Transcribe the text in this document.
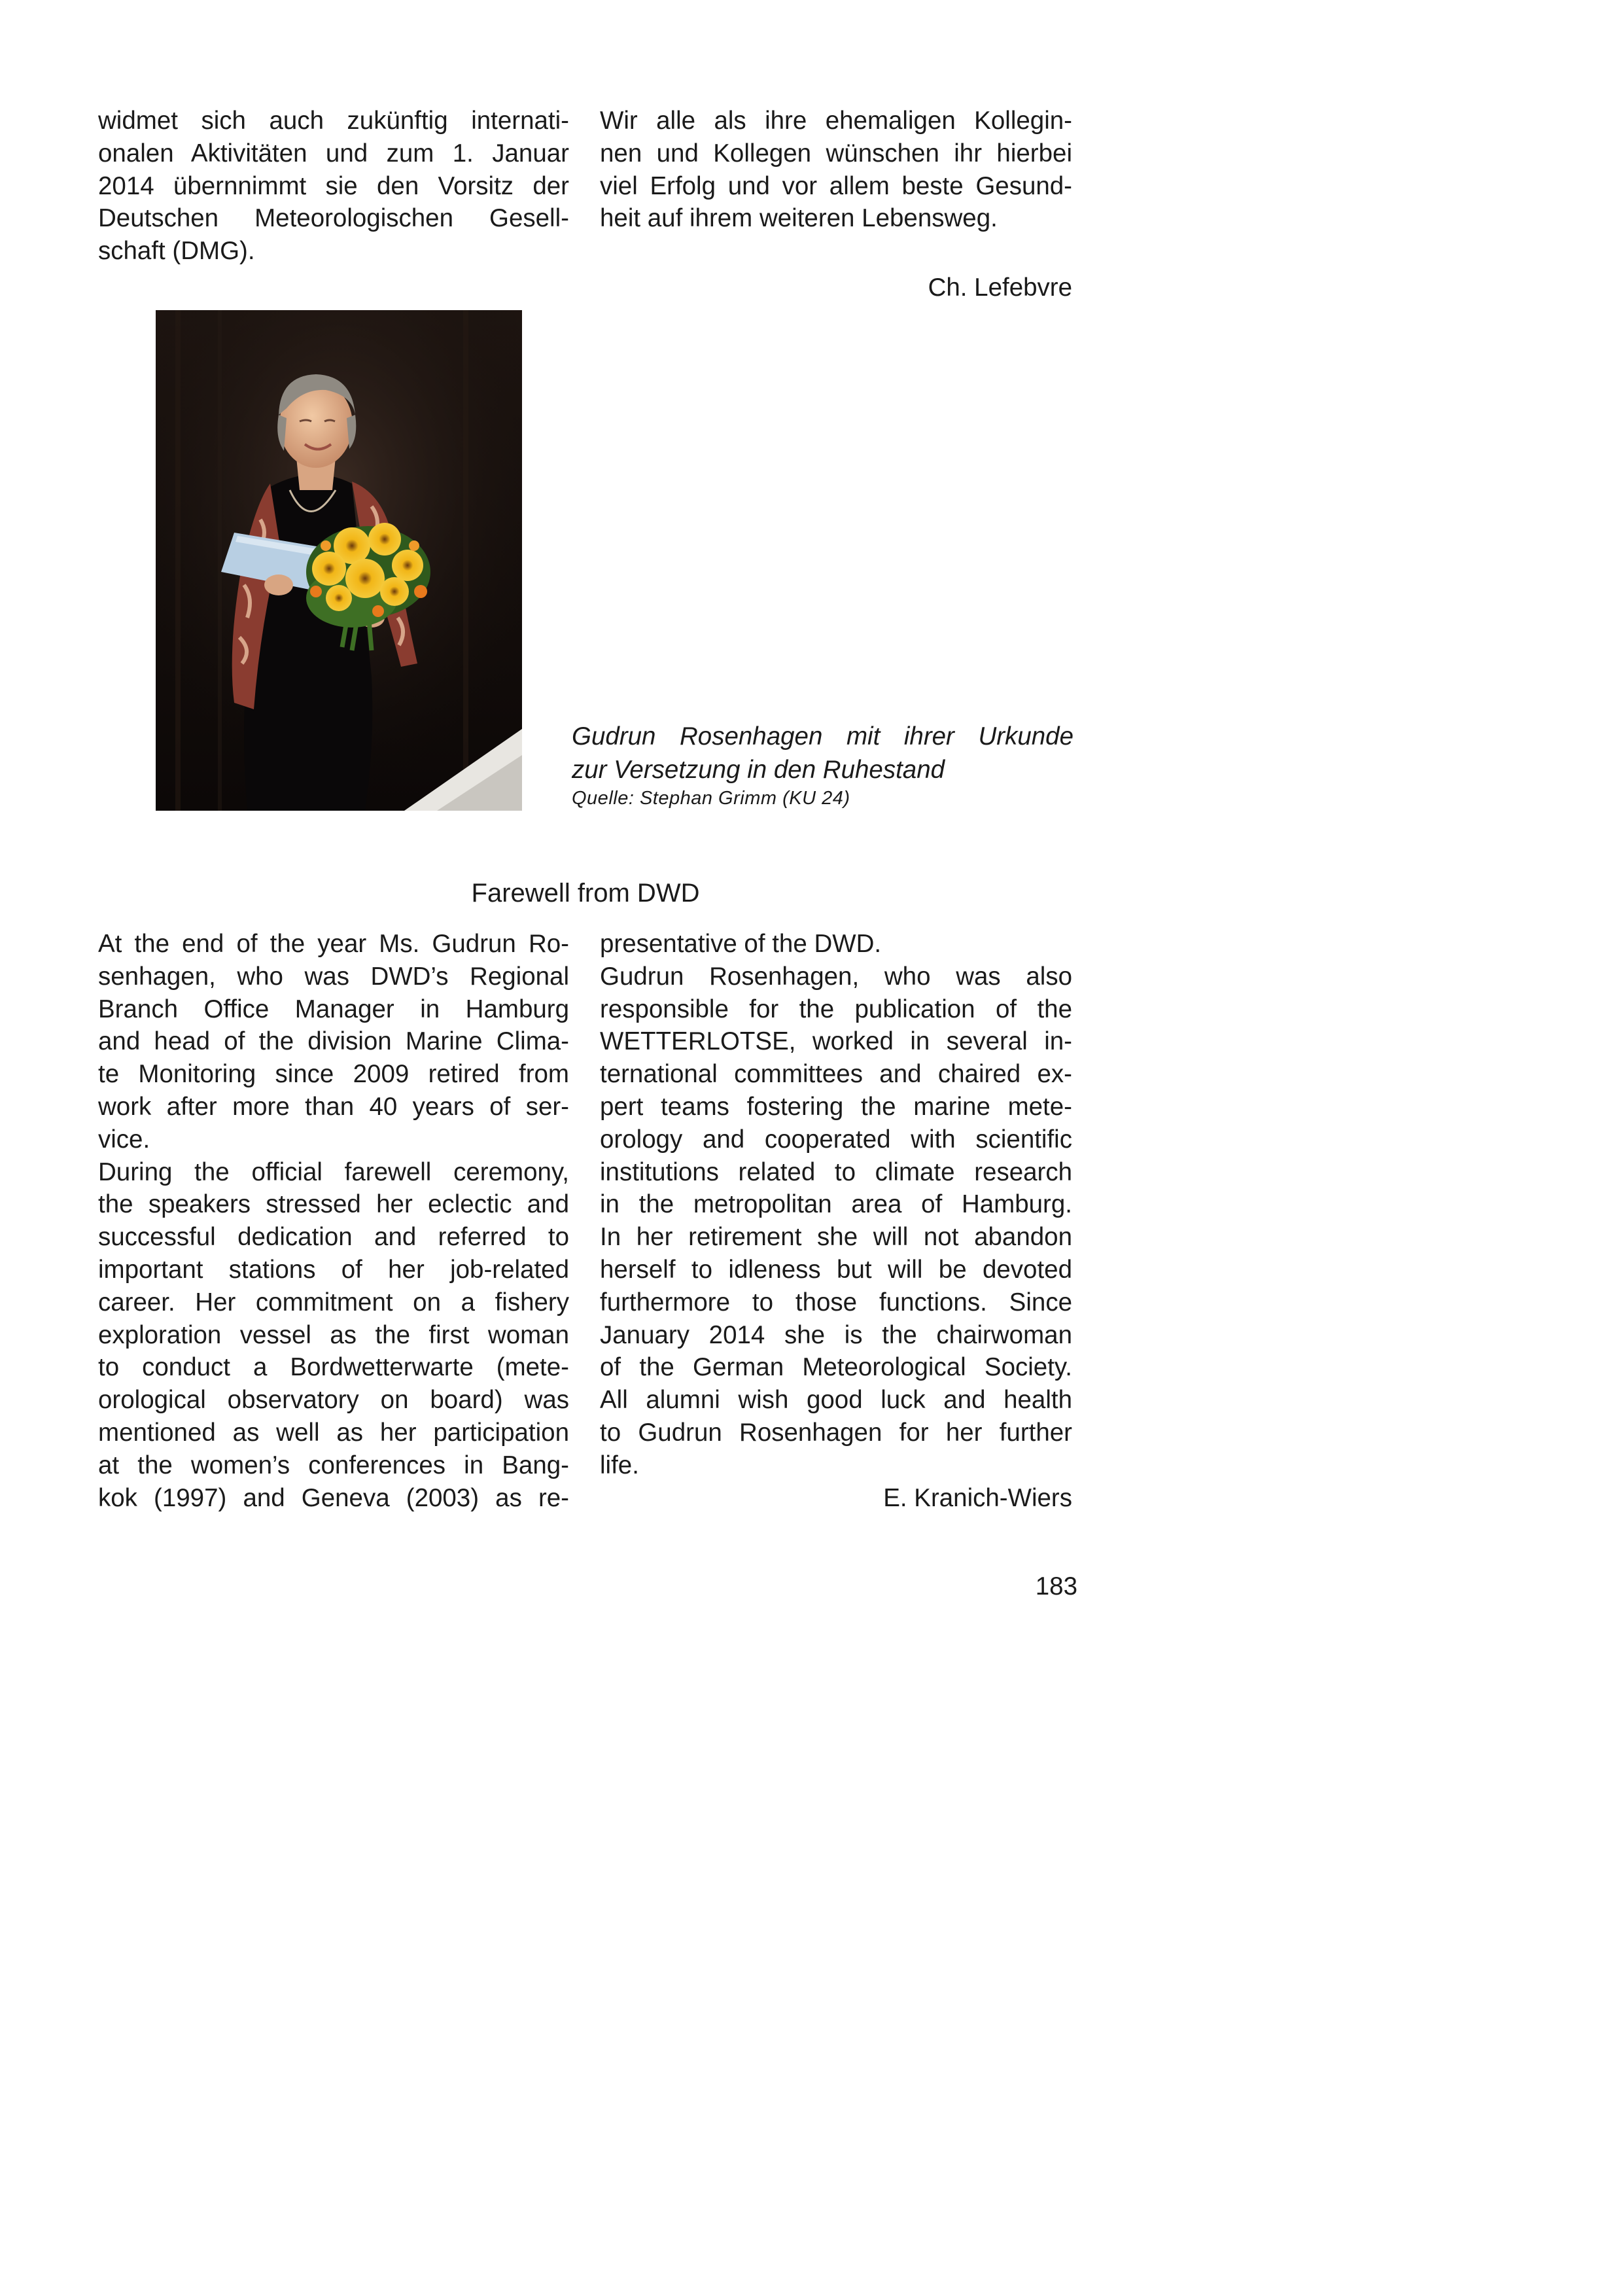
widmet sich auch zukünftig internati-
onalen Aktivitäten und zum 1. Januar
2014 übernnimmt sie den Vorsitz der
Deutschen Meteorologischen Gesell-
schaft (DMG).
Wir alle als ihre ehemaligen Kollegin-
nen und Kollegen wünschen ihr hierbei
viel Erfolg und vor allem beste Gesund-
heit auf ihrem weiteren Lebensweg.
Ch. Lefebvre
Gudrun Rosenhagen mit ihrer Urkunde
zur Versetzung in den Ruhestand
Quelle: Stephan Grimm (KU 24)
Farewell from DWD
At the end of the year Ms. Gudrun Ro-
senhagen, who was DWD’s Regional
Branch Office Manager in Hamburg
and head of the division Marine Clima-
te Monitoring since 2009 retired from
work after more than 40 years of ser-
vice.
During the official farewell ceremony,
the speakers stressed her eclectic and
successful dedication and referred to
important stations of her job-related
career. Her commitment on a fishery
exploration vessel as the first woman
to conduct a Bordwetterwarte (mete-
orological observatory on board) was
mentioned as well as her participation
at the women’s conferences in Bang-
kok (1997) and Geneva (2003) as re-
presentative of the DWD.
Gudrun Rosenhagen, who was also
responsible for the publication of the
WETTERLOTSE, worked in several in-
ternational committees and chaired ex-
pert teams fostering the marine mete-
orology and cooperated with scientific
institutions related to climate research
in the metropolitan area of Hamburg.
In her retirement she will not abandon
herself to idleness but will be devoted
furthermore to those functions. Since
January 2014 she is the chairwoman
of the German Meteorological Society.
All alumni wish good luck and health
to Gudrun Rosenhagen for her further
life.
E. Kranich-Wiers
183
